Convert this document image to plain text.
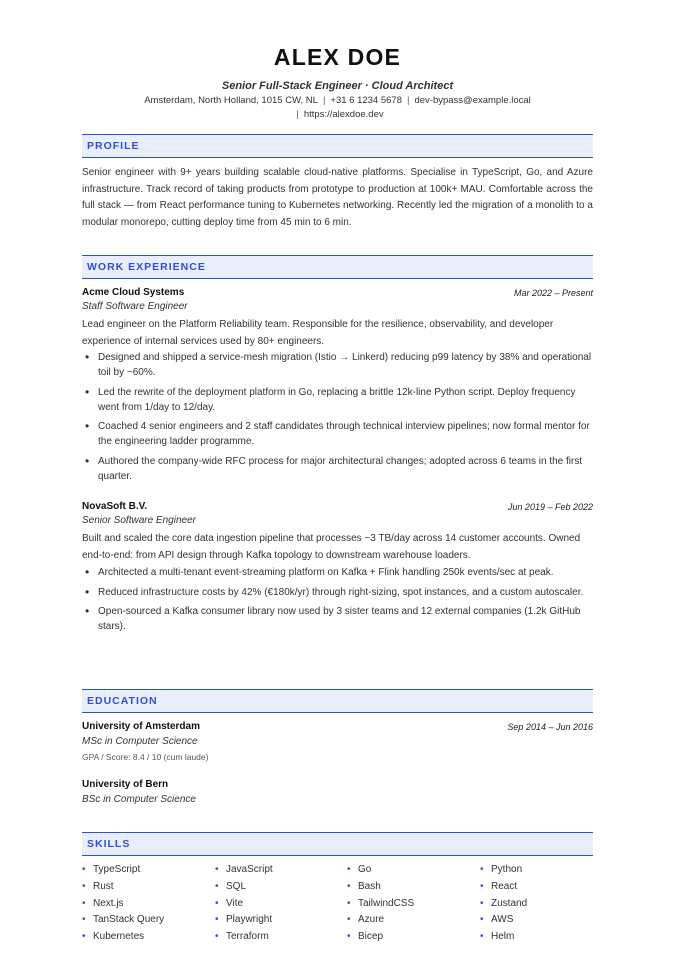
ALEX DOE
Senior Full-Stack Engineer · Cloud Architect
Amsterdam, North Holland, 1015 CW, NL | +31 6 1234 5678 | dev-bypass@example.local
| https://alexdoe.dev
PROFILE
Senior engineer with 9+ years building scalable cloud-native platforms. Specialise in TypeScript, Go, and Azure infrastructure. Track record of taking products from prototype to production at 100k+ MAU. Comfortable across the full stack — from React performance tuning to Kubernetes networking. Recently led the migration of a monolith to a modular monorepo, cutting deploy time from 45 min to 6 min.
WORK EXPERIENCE
Acme Cloud Systems	Mar 2022 – Present
Staff Software Engineer
Lead engineer on the Platform Reliability team. Responsible for the resilience, observability, and developer experience of internal services used by 80+ engineers.
• Designed and shipped a service-mesh migration (Istio → Linkerd) reducing p99 latency by 38% and operational toil by ~60%.
• Led the rewrite of the deployment platform in Go, replacing a brittle 12k-line Python script. Deploy frequency went from 1/day to 12/day.
• Coached 4 senior engineers and 2 staff candidates through technical interview pipelines; now formal mentor for the engineering ladder programme.
• Authored the company-wide RFC process for major architectural changes; adopted across 6 teams in the first quarter.
NovaSoft B.V.	Jun 2019 – Feb 2022
Senior Software Engineer
Built and scaled the core data ingestion pipeline that processes ~3 TB/day across 14 customer accounts. Owned end-to-end: from API design through Kafka topology to downstream warehouse loaders.
• Architected a multi-tenant event-streaming platform on Kafka + Flink handling 250k events/sec at peak.
• Reduced infrastructure costs by 42% (€180k/yr) through right-sizing, spot instances, and a custom autoscaler.
• Open-sourced a Kafka consumer library now used by 3 sister teams and 12 external companies (1.2k GitHub stars).
EDUCATION
University of Amsterdam	Sep 2014 – Jun 2016
MSc in Computer Science
GPA / Score: 8.4 / 10 (cum laude)
University of Bern
BSc in Computer Science
SKILLS
• TypeScript
• Rust
• Next.js
• TanStack Query
• Kubernetes
• JavaScript
• SQL
• Vite
• Playwright
• Terraform
• Go
• Bash
• TailwindCSS
• Azure
• Bicep
• Python
• React
• Zustand
• AWS
• Helm
